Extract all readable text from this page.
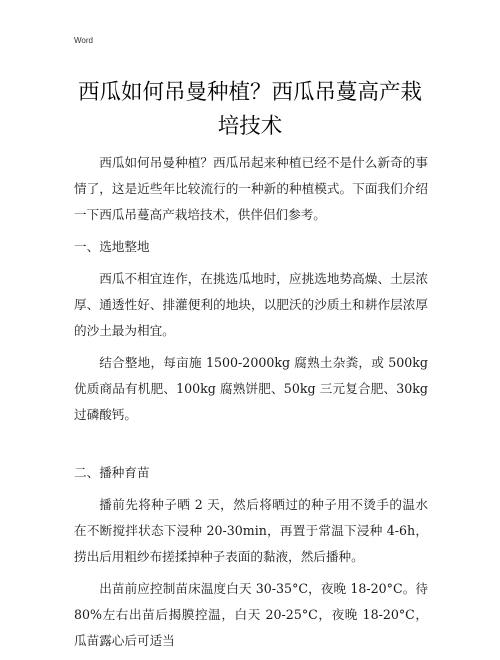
Word
西瓜如何吊曼种植？西瓜吊蔓高产栽培技术

西瓜如何吊曼种植？西瓜吊起来种植已经不是什么新奇的事情了，这是近些年比较流行的一种新的种植模式。下面我们介绍一下西瓜吊蔓高产栽培技术，供伴侣们参考。

一、选地整地

西瓜不相宜连作，在挑选瓜地时，应挑选地势高燥、土层浓厚、通透性好、排灌便利的地块，以肥沃的沙质土和耕作层浓厚的沙土最为相宜。

结合整地，每亩施 1500-2000kg 腐熟土杂粪，或 500kg 优质商品有机肥、100kg 腐熟饼肥、50kg 三元复合肥、30kg 过磷酸钙。

二、播种育苗

播前先将种子晒 2 天，然后将晒过的种子用不烫手的温水在不断搅拌状态下浸种 20-30min，再置于常温下浸种 4-6h，捞出后用粗纱布搓揉掉种子表面的黏液，然后播种。

出苗前应控制苗床温度白天 30-35°C，夜晚 18-20°C。待 80%左右出苗后揭膜控温，白天 20-25°C，夜晚 18-20°C，瓜苗露心后可适当
